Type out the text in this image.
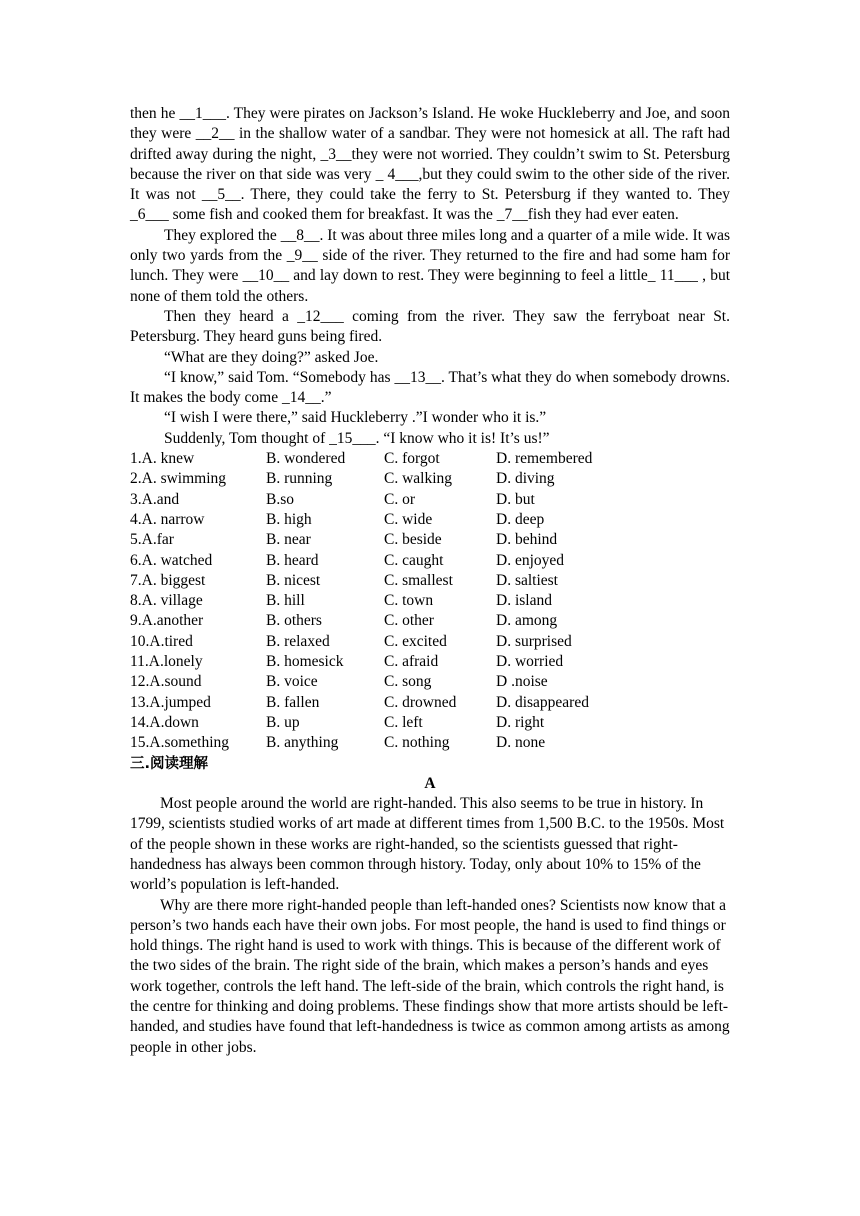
then he __1___. They were pirates on Jackson’s Island. He woke Huckleberry and Joe, and soon they were __2__ in the shallow water of a sandbar. They were not homesick at all. The raft had drifted away during the night, _3__they were not worried. They couldn’t swim to St. Petersburg because the river on that side was very _ 4___,but they could swim to the other side of the river. It was not __5__. There, they could take the ferry to St. Petersburg if they wanted to. They _6___ some fish and cooked them for breakfast. It was the _7__fish they had ever eaten.

They explored the __8__. It was about three miles long and a quarter of a mile wide. It was only two yards from the _9__ side of the river. They returned to the fire and had some ham for lunch. They were __10__ and lay down to rest. They were beginning to feel a little_ 11___ , but none of them told the others.

Then they heard a _12___ coming from the river. They saw the ferryboat near St. Petersburg. They heard guns being fired.

“What are they doing?” asked Joe.

“I know,” said Tom. “Somebody has __13__. That’s what they do when somebody drowns. It makes the body come _14__.”

“I wish I were there,” said Huckleberry .”I wonder who it is.”

Suddenly, Tom thought of _15___. “I know who it is! It’s us!”

1.A. knew	B. wondered	C. forgot	D. remembered
2.A. swimming	B. running	C. walking	D. diving
3.A.and	B.so	C. or	D. but
4.A. narrow	B. high	C. wide	D. deep
5.A.far	B. near	C. beside	D. behind
6.A. watched	B. heard	C. caught	D. enjoyed
7.A. biggest	B. nicest	C. smallest	D. saltiest
8.A. village	B. hill	C. town	D. island
9.A.another	B. others	C. other	D. among
10.A.tired	B. relaxed	C. excited	D. surprised
11.A.lonely	B. homesick	C. afraid	D. worried
12.A.sound	B. voice	C. song	D .noise
13.A.jumped	B. fallen	C. drowned	D. disappeared
14.A.down	B. up	C. left	D. right
15.A.something	B. anything	C. nothing	D. none

三.阅读理解

A

Most people around the world are right-handed. This also seems to be true in history. In 1799, scientists studied works of art made at different times from 1,500 B.C. to the 1950s. Most of the people shown in these works are right-handed, so the scientists guessed that right-handedness has always been common through history. Today, only about 10% to 15% of the world’s population is left-handed.

Why are there more right-handed people than left-handed ones? Scientists now know that a person’s two hands each have their own jobs. For most people, the hand is used to find things or hold things. The right hand is used to work with things. This is because of the different work of the two sides of the brain. The right side of the brain, which makes a person’s hands and eyes work together, controls the left hand. The left-side of the brain, which controls the right hand, is the centre for thinking and doing problems. These findings show that more artists should be left-handed, and studies have found that left-handedness is twice as common among artists as among people in other jobs.
